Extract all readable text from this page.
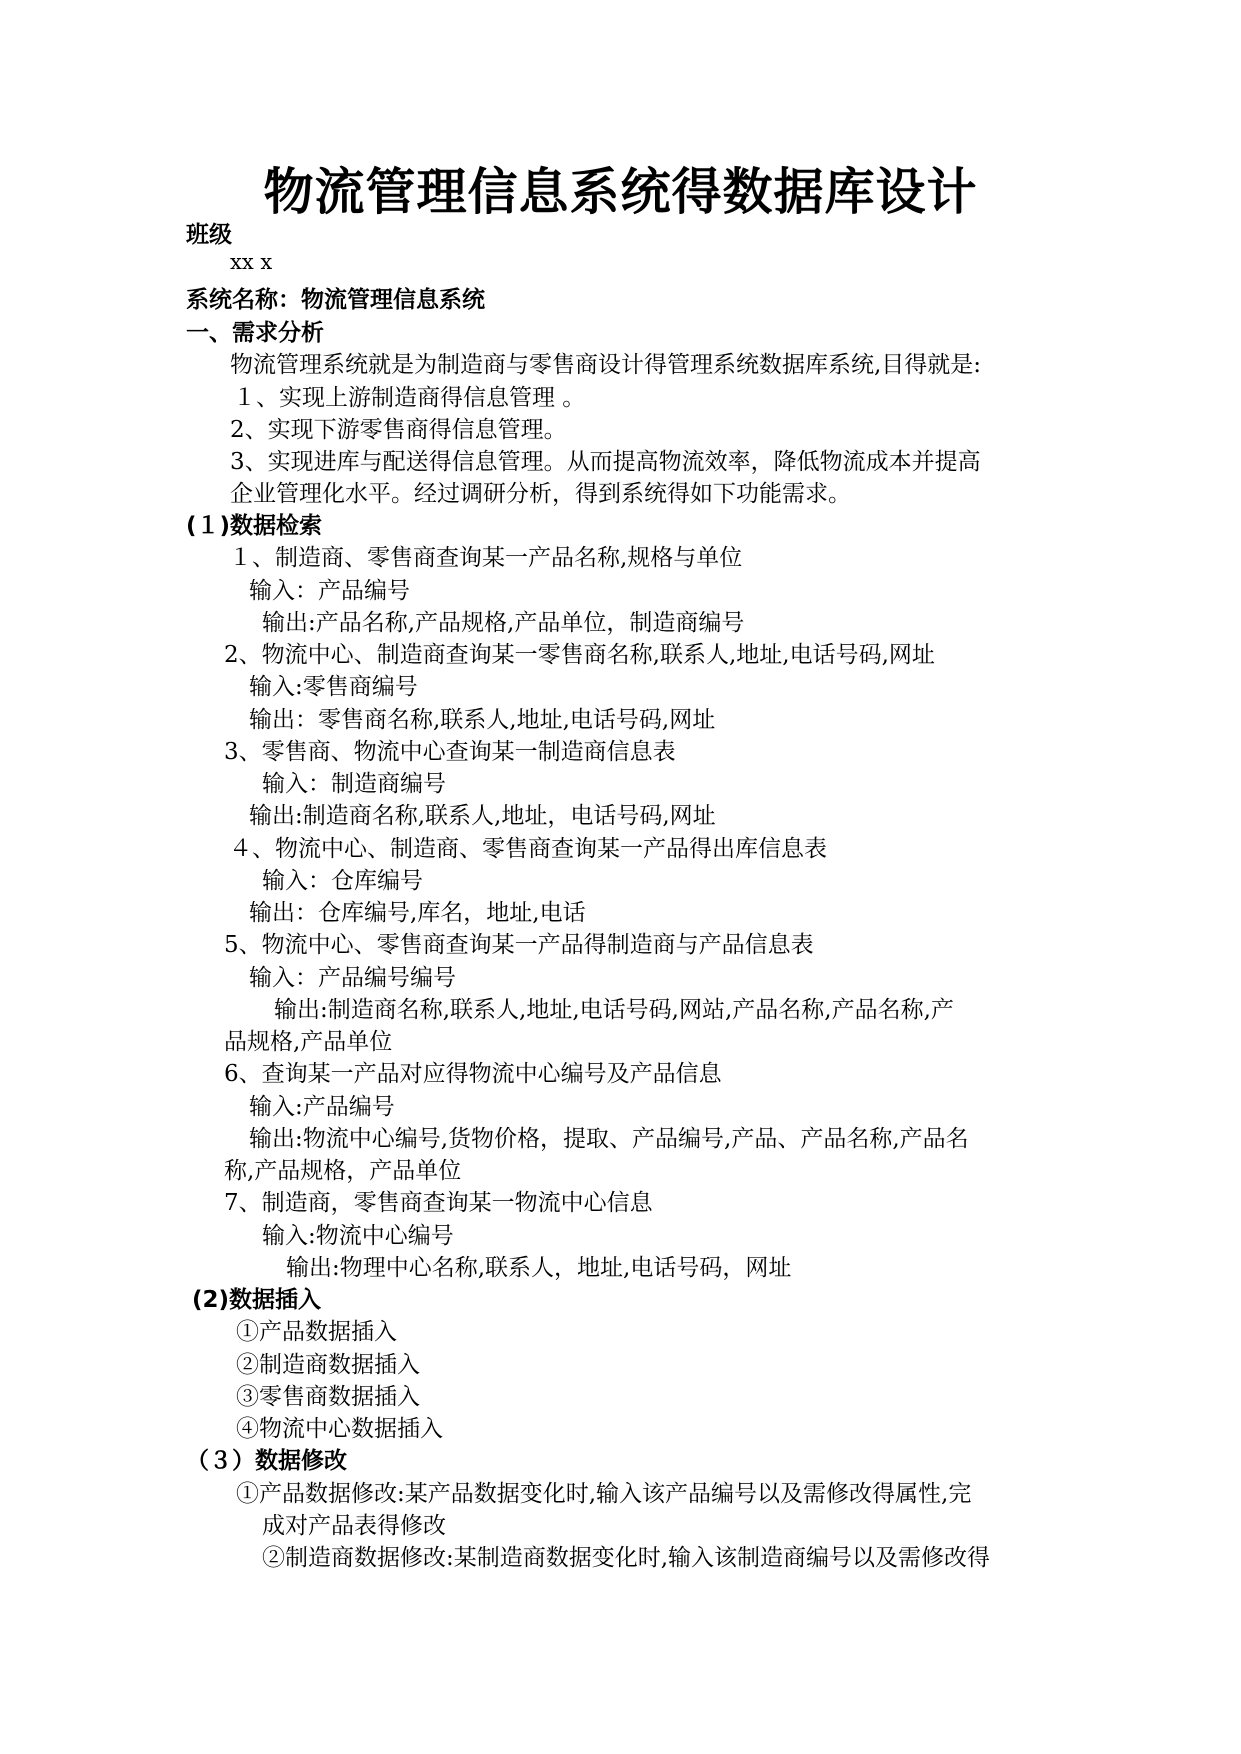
物流管理信息系统得数据库设计
班级
xx x
系统名称：物流管理信息系统
一、需求分析
物流管理系统就是为制造商与零售商设计得管理系统数据库系统,目得就是:
１、实现上游制造商得信息管理 。
2、实现下游零售商得信息管理。
3、实现进库与配送得信息管理。从而提高物流效率，降低物流成本并提高
企业管理化水平。经过调研分析，得到系统得如下功能需求。
(１)数据检索
１、制造商、零售商查询某一产品名称,规格与单位
输入：产品编号
输出:产品名称,产品规格,产品单位，制造商编号
2、物流中心、制造商查询某一零售商名称,联系人,地址,电话号码,网址
输入:零售商编号
输出：零售商名称,联系人,地址,电话号码,网址
3、零售商、物流中心查询某一制造商信息表
输入：制造商编号
输出:制造商名称,联系人,地址，电话号码,网址
４、物流中心、制造商、零售商查询某一产品得出库信息表
输入：仓库编号
输出：仓库编号,库名，地址,电话
5、物流中心、零售商查询某一产品得制造商与产品信息表
输入：产品编号编号
输出:制造商名称,联系人,地址,电话号码,网站,产品名称,产品名称,产
品规格,产品单位
6、查询某一产品对应得物流中心编号及产品信息
输入:产品编号
输出:物流中心编号,货物价格，提取、产品编号,产品、产品名称,产品名
称,产品规格，产品单位
7、制造商，零售商查询某一物流中心信息
输入:物流中心编号
输出:物理中心名称,联系人，地址,电话号码，网址
(2)数据插入
①产品数据插入
②制造商数据插入
③零售商数据插入
④物流中心数据插入
（３）数据修改
①产品数据修改:某产品数据变化时,输入该产品编号以及需修改得属性,完
成对产品表得修改
②制造商数据修改:某制造商数据变化时,输入该制造商编号以及需修改得
